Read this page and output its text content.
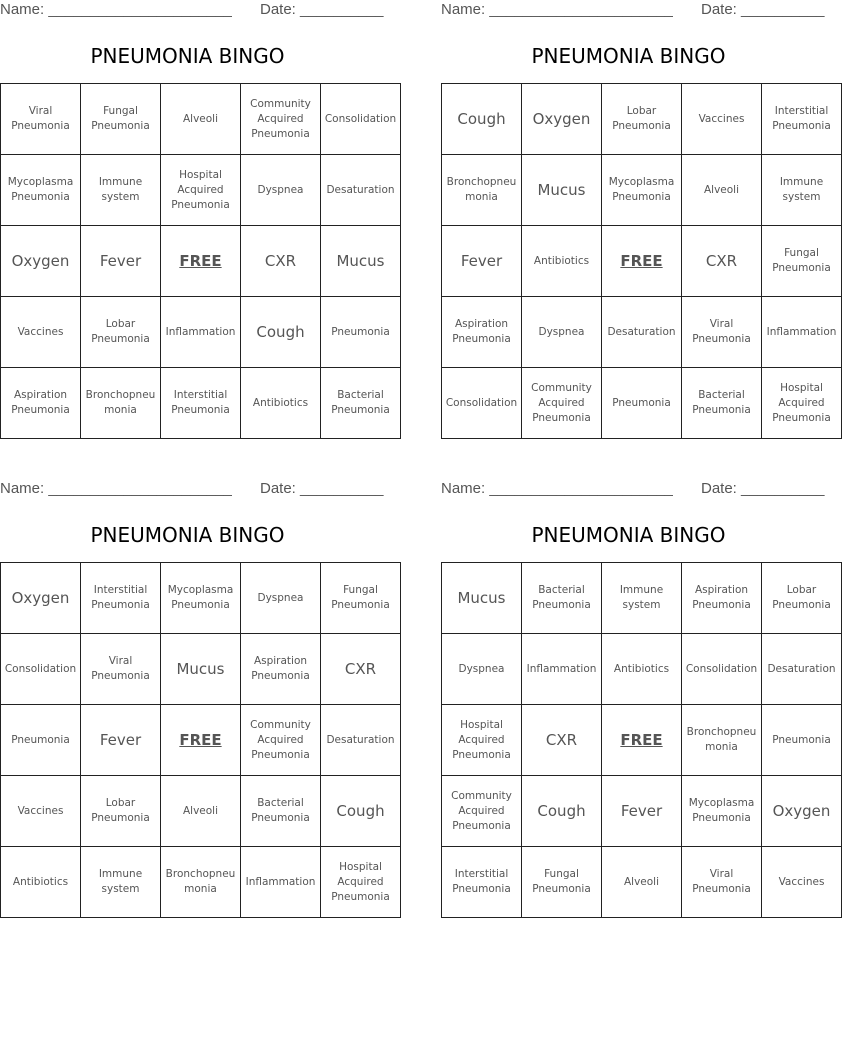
Name: ______________________ Date: __________
PNEUMONIA BINGO
Viral Pneumonia	Fungal Pneumonia	Alveoli	Community Acquired Pneumonia	Consolidation
Mycoplasma Pneumonia	Immune system	Hospital Acquired Pneumonia	Dyspnea	Desaturation
Oxygen	Fever	FREE	CXR	Mucus
Vaccines	Lobar Pneumonia	Inflammation	Cough	Pneumonia
Aspiration Pneumonia	Bronchopneu monia	Interstitial Pneumonia	Antibiotics	Bacterial Pneumonia
Name: ______________________ Date: __________
PNEUMONIA BINGO
Cough	Oxygen	Lobar Pneumonia	Vaccines	Interstitial Pneumonia
Bronchopneu monia	Mucus	Mycoplasma Pneumonia	Alveoli	Immune system
Fever	Antibiotics	FREE	CXR	Fungal Pneumonia
Aspiration Pneumonia	Dyspnea	Desaturation	Viral Pneumonia	Inflammation
Consolidation	Community Acquired Pneumonia	Pneumonia	Bacterial Pneumonia	Hospital Acquired Pneumonia
Name: ______________________ Date: __________
PNEUMONIA BINGO
Oxygen	Interstitial Pneumonia	Mycoplasma Pneumonia	Dyspnea	Fungal Pneumonia
Consolidation	Viral Pneumonia	Mucus	Aspiration Pneumonia	CXR
Pneumonia	Fever	FREE	Community Acquired Pneumonia	Desaturation
Vaccines	Lobar Pneumonia	Alveoli	Bacterial Pneumonia	Cough
Antibiotics	Immune system	Bronchopneu monia	Inflammation	Hospital Acquired Pneumonia
Name: ______________________ Date: __________
PNEUMONIA BINGO
Mucus	Bacterial Pneumonia	Immune system	Aspiration Pneumonia	Lobar Pneumonia
Dyspnea	Inflammation	Antibiotics	Consolidation	Desaturation
Hospital Acquired Pneumonia	CXR	FREE	Bronchopneu monia	Pneumonia
Community Acquired Pneumonia	Cough	Fever	Mycoplasma Pneumonia	Oxygen
Interstitial Pneumonia	Fungal Pneumonia	Alveoli	Viral Pneumonia	Vaccines
